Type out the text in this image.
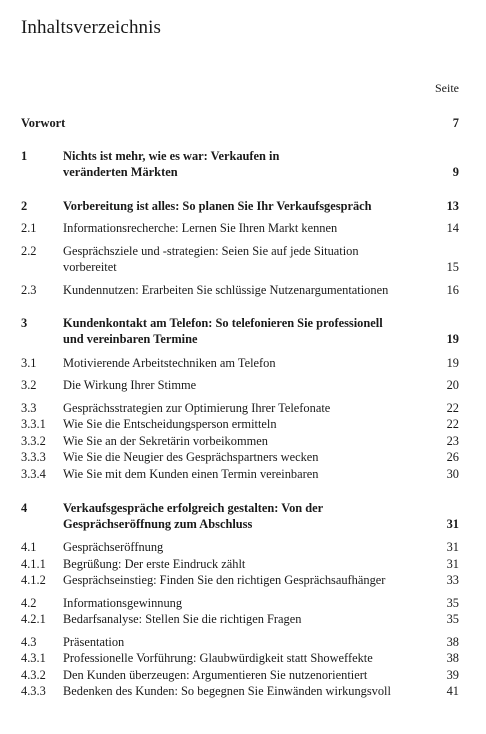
Inhaltsverzeichnis
Seite
Vorwort	7
1	Nichts ist mehr, wie es war: Verkaufen in
veränderten Märkten	9
2	Vorbereitung ist alles: So planen Sie Ihr Verkaufsgespräch	13
2.1 Informationsrecherche: Lernen Sie Ihren Markt kennen	14
2.2 Gesprächsziele und -strategien: Seien Sie auf jede Situation
vorbereitet	15
2.3 Kundennutzen: Erarbeiten Sie schlüssige Nutzenargumentationen	16
3	Kundenkontakt am Telefon: So telefonieren Sie professionell
und vereinbaren Termine	19
3.1 Motivierende Arbeitstechniken am Telefon	19
3.2 Die Wirkung Ihrer Stimme	20
3.3 Gesprächsstrategien zur Optimierung Ihrer Telefonate	22
3.3.1 Wie Sie die Entscheidungsperson ermitteln	22
3.3.2 Wie Sie an der Sekretärin vorbeikommen	23
3.3.3 Wie Sie die Neugier des Gesprächspartners wecken	26
3.3.4 Wie Sie mit dem Kunden einen Termin vereinbaren	30
4	Verkaufsgespräche erfolgreich gestalten: Von der
Gesprächseröffnung zum Abschluss	31
4.1 Gesprächseröffnung	31
4.1.1 Begrüßung: Der erste Eindruck zählt	31
4.1.2 Gesprächseinstieg: Finden Sie den richtigen Gesprächsaufhänger	33
4.2 Informationsgewinnung	35
4.2.1 Bedarfsanalyse: Stellen Sie die richtigen Fragen	35
4.3 Präsentation	38
4.3.1 Professionelle Vorführung: Glaubwürdigkeit statt Showeffekte	38
4.3.2 Den Kunden überzeugen: Argumentieren Sie nutzenorientiert	39
4.3.3 Bedenken des Kunden: So begegnen Sie Einwänden wirkungsvoll	41
